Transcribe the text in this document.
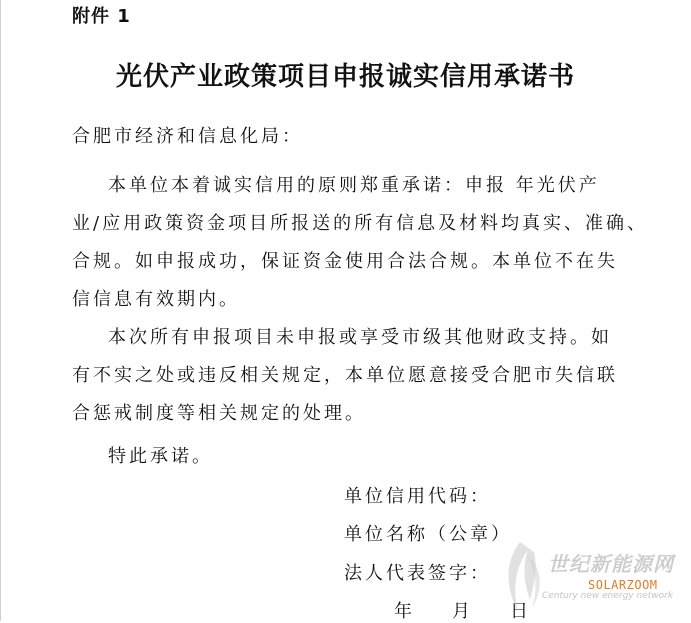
附件 1
光伏产业政策项目申报诚实信用承诺书
合肥市经济和信息化局：
本单位本着诚实信用的原则郑重承诺：申报 年光伏产
业/应用政策资金项目所报送的所有信息及材料均真实、准确、
合规。如申报成功，保证资金使用合法合规。本单位不在失
信信息有效期内。
本次所有申报项目未申报或享受市级其他财政支持。如
有不实之处或违反相关规定，本单位愿意接受合肥市失信联
合惩戒制度等相关规定的处理。
特此承诺。
单位信用代码：
单位名称（公章）
法人代表签字：
年 月 日
世纪新能源网
SOLARZOOM
Century new energy network
